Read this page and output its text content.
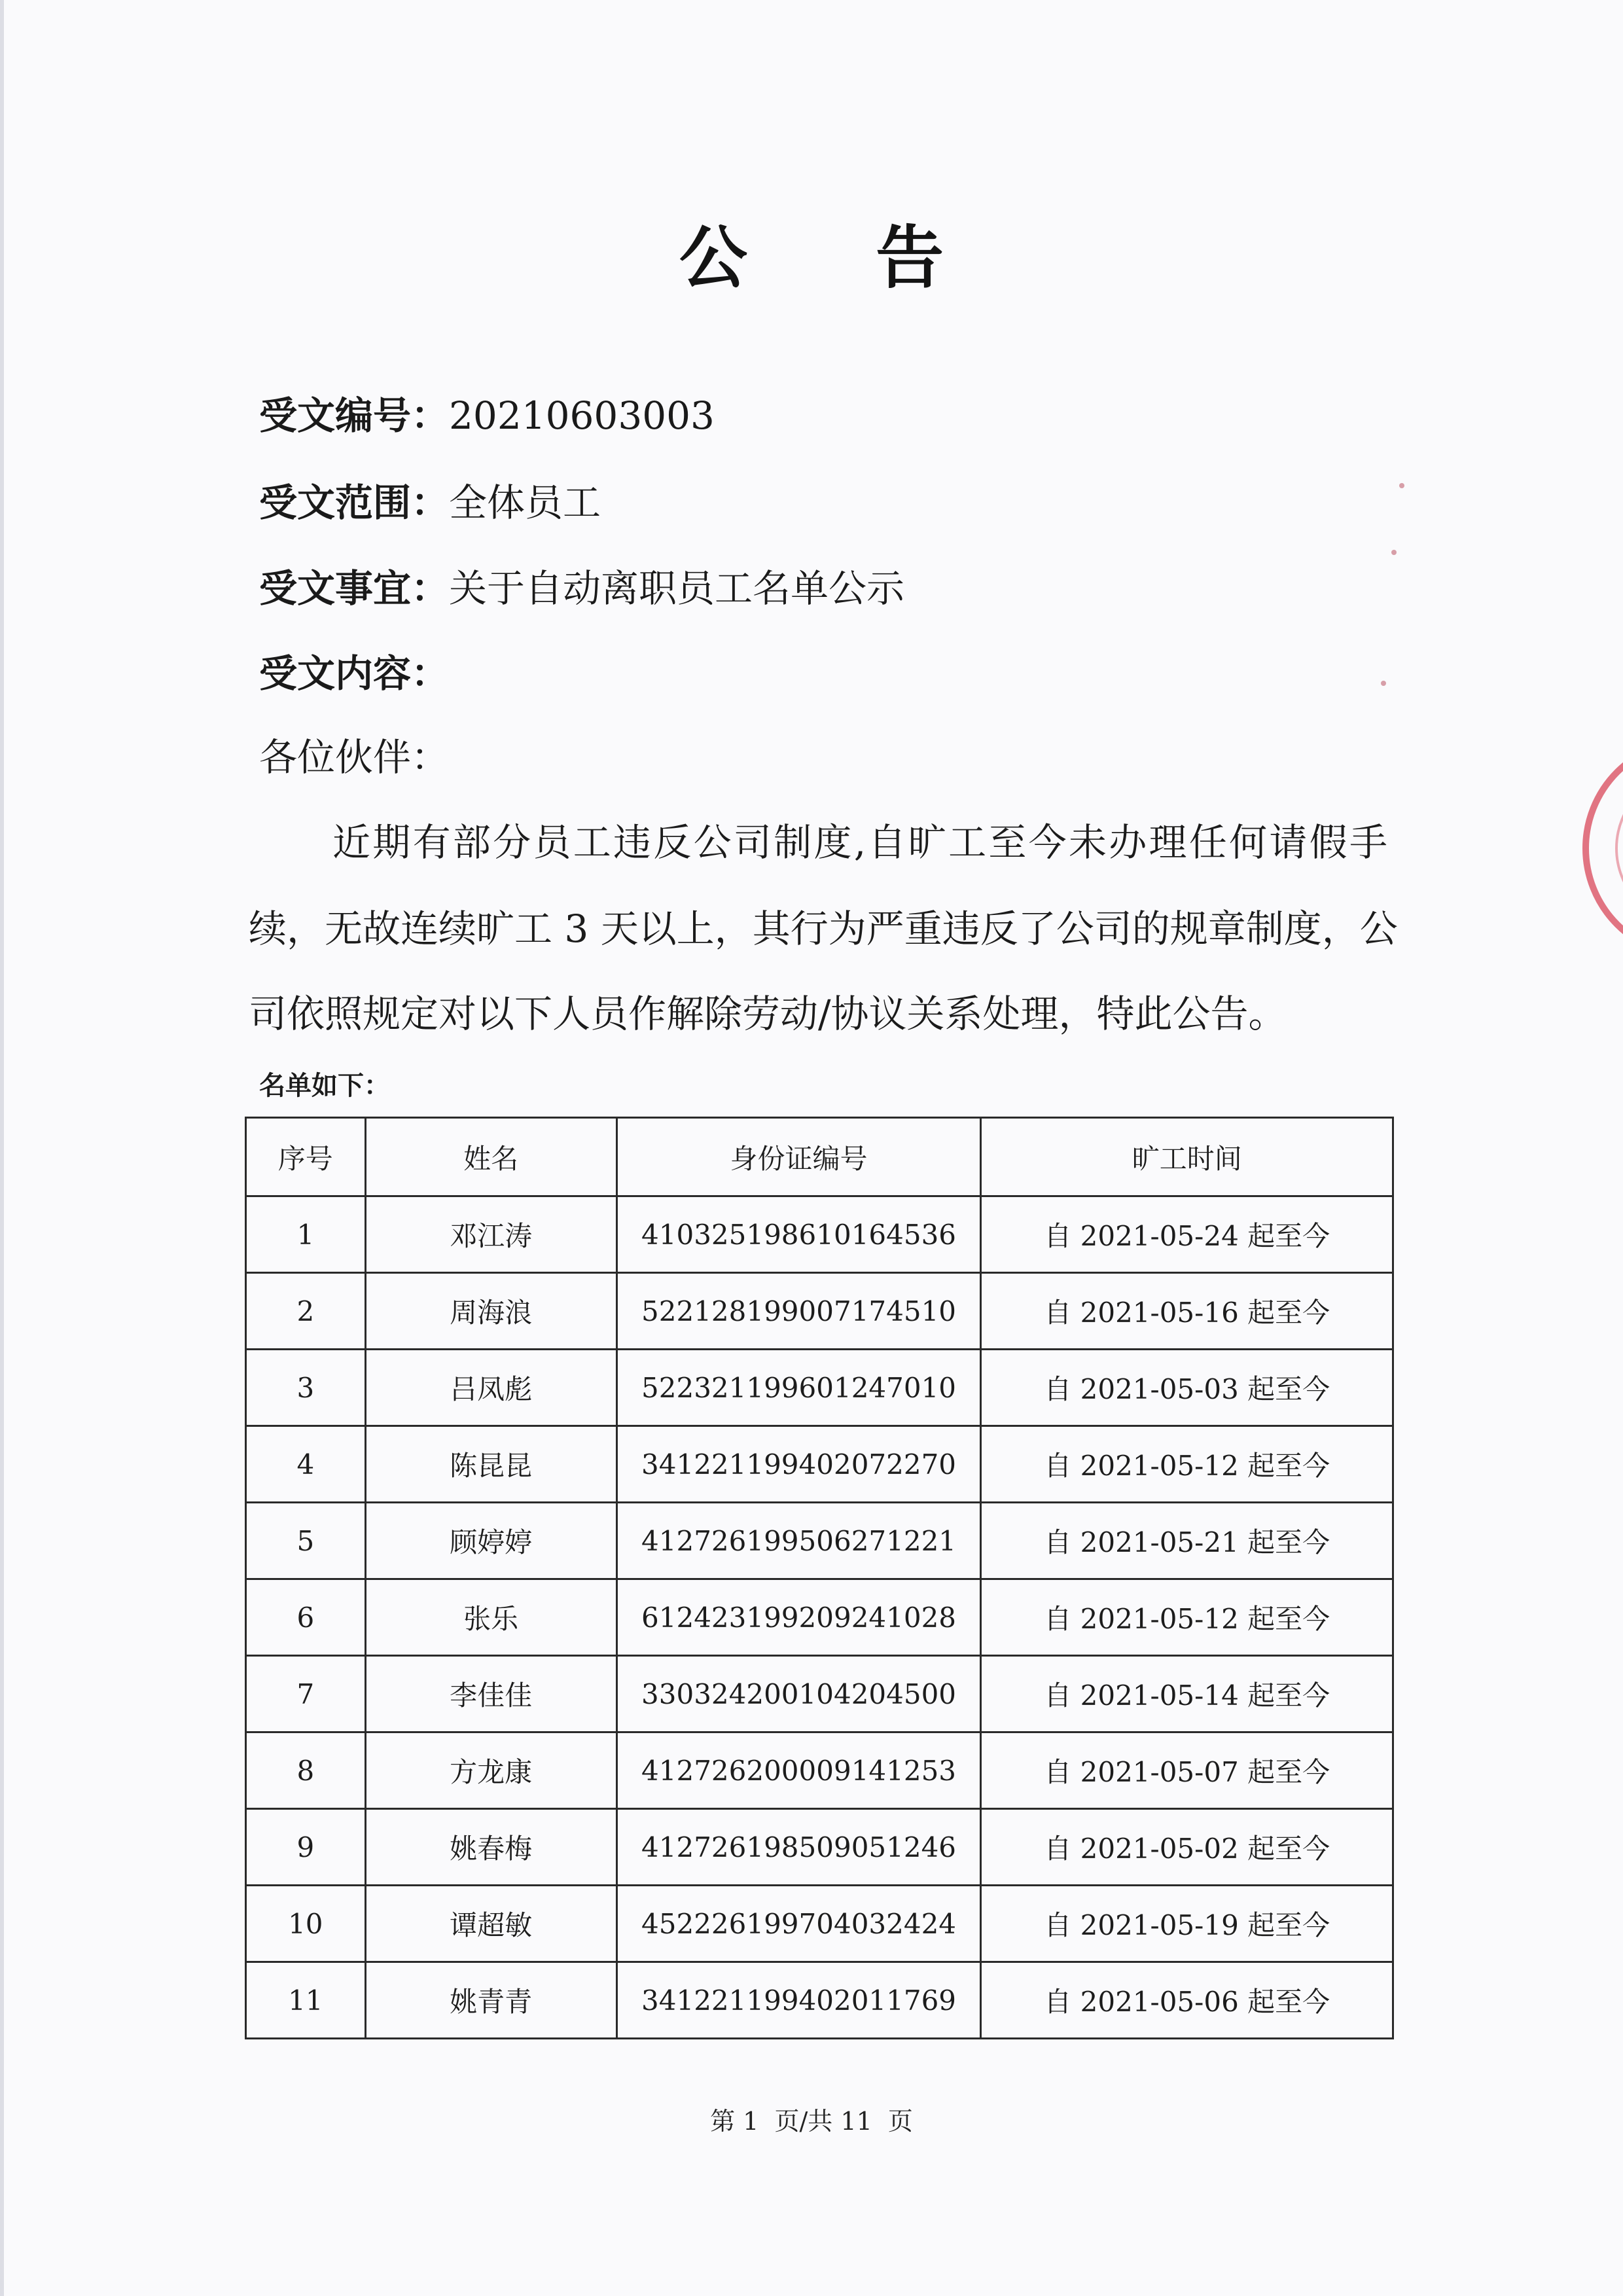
公 告
受文编号：20210603003
受文范围：全体员工
受文事宜：关于自动离职员工名单公示
受文内容：
各位伙伴：
近期有部分员工违反公司制度,自旷工至今未办理任何请假手
续，无故连续旷工 3 天以上，其行为严重违反了公司的规章制度，公
司依照规定对以下人员作解除劳动/协议关系处理，特此公告。
名单如下：
序号	姓名	身份证编号	旷工时间
1	邓江涛	410325198610164536	自 2021-05-24 起至今
2	周海浪	522128199007174510	自 2021-05-16 起至今
3	吕凤彪	522321199601247010	自 2021-05-03 起至今
4	陈昆昆	341221199402072270	自 2021-05-12 起至今
5	顾婷婷	412726199506271221	自 2021-05-21 起至今
6	张乐	612423199209241028	自 2021-05-12 起至今
7	李佳佳	330324200104204500	自 2021-05-14 起至今
8	方龙康	412726200009141253	自 2021-05-07 起至今
9	姚春梅	412726198509051246	自 2021-05-02 起至今
10	谭超敏	452226199704032424	自 2021-05-19 起至今
11	姚青青	341221199402011769	自 2021-05-06 起至今
第 1  页/共 11  页
